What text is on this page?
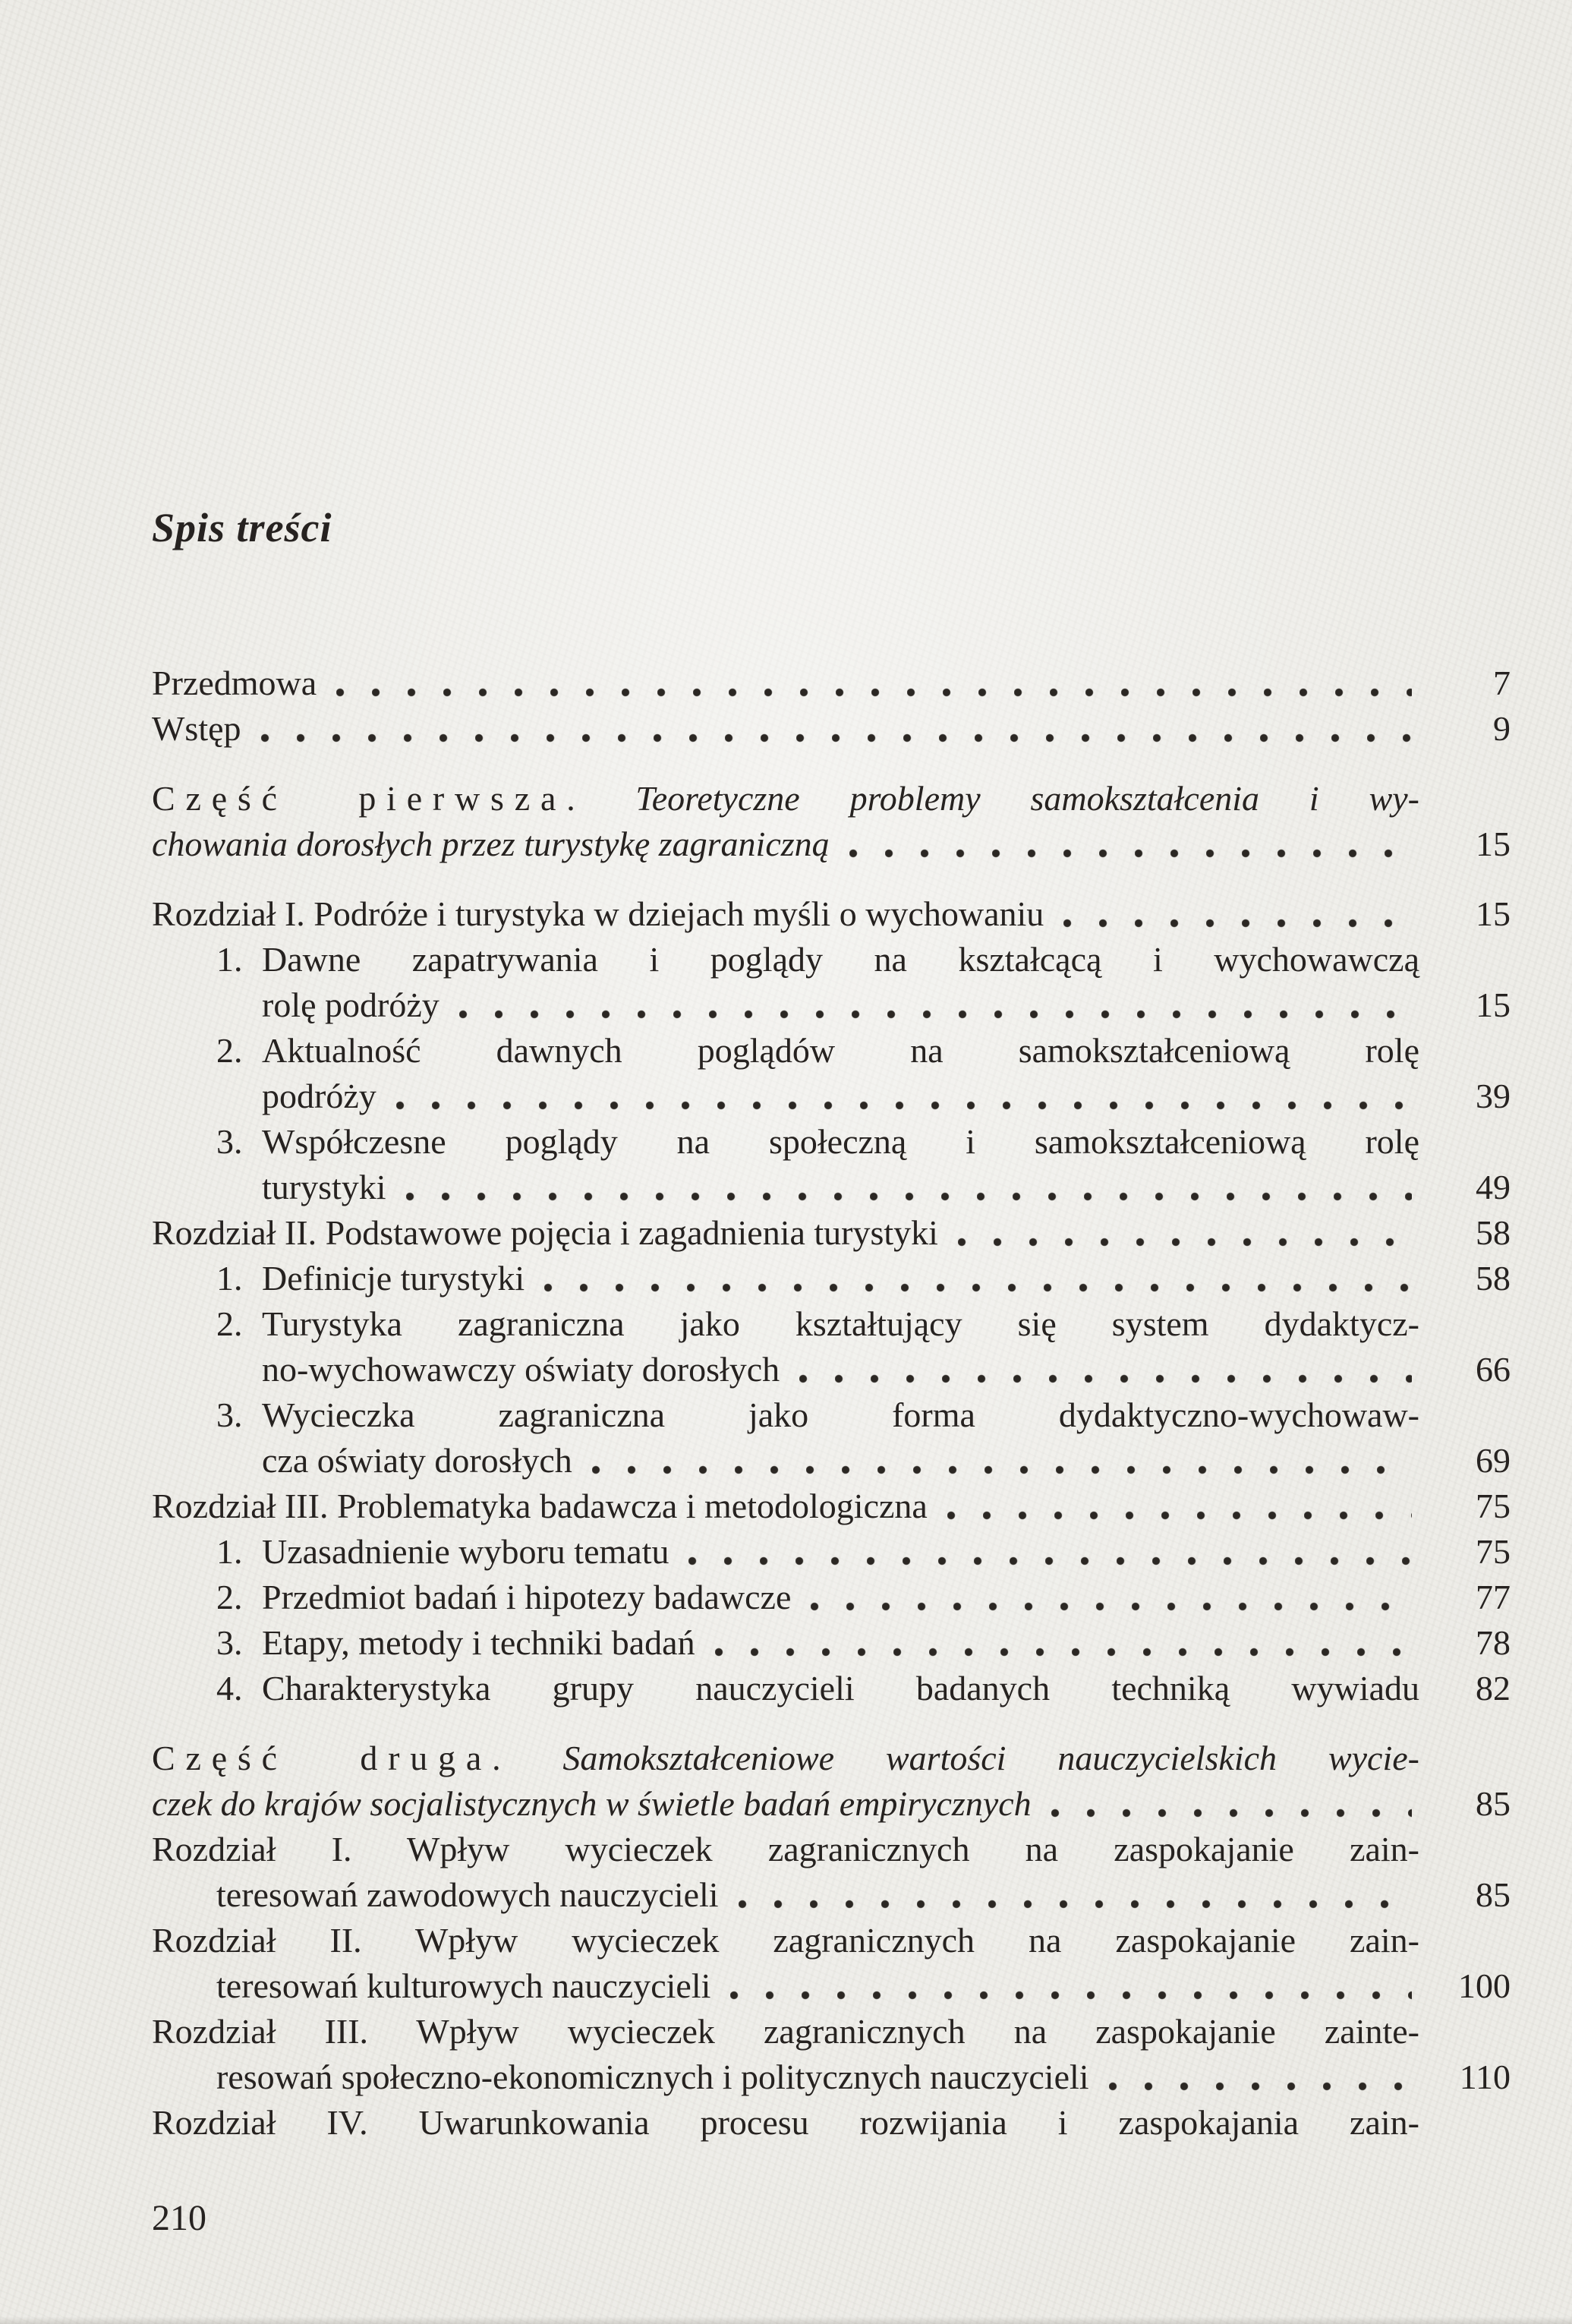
Spis treści
Przedmowa	7
Wstęp	9
Część pierwsza. Teoretyczne problemy samokształcenia i wy-
chowania dorosłych przez turystykę zagraniczną	15
Rozdział I. Podróże i turystyka w dziejach myśli o wychowaniu	15
1. Dawne zapatrywania i poglądy na kształcącą i wychowawczą
rolę podróży	15
2. Aktualność dawnych poglądów na samokształceniową rolę
podróży	39
3. Współczesne poglądy na społeczną i samokształceniową rolę
turystyki	49
Rozdział II. Podstawowe pojęcia i zagadnienia turystyki	58
1. Definicje turystyki	58
2. Turystyka zagraniczna jako kształtujący się system dydaktycz-
no-wychowawczy oświaty dorosłych	66
3. Wycieczka zagraniczna jako forma dydaktyczno-wychowaw-
cza oświaty dorosłych	69
Rozdział III. Problematyka badawcza i metodologiczna	75
1. Uzasadnienie wyboru tematu	75
2. Przedmiot badań i hipotezy badawcze	77
3. Etapy, metody i techniki badań	78
4. Charakterystyka grupy nauczycieli badanych techniką wywiadu	82
Część druga. Samokształceniowe wartości nauczycielskich wycie-
czek do krajów socjalistycznych w świetle badań empirycznych	85
Rozdział I. Wpływ wycieczek zagranicznych na zaspokajanie zain-
teresowań zawodowych nauczycieli	85
Rozdział II. Wpływ wycieczek zagranicznych na zaspokajanie zain-
teresowań kulturowych nauczycieli	100
Rozdział III. Wpływ wycieczek zagranicznych na zaspokajanie zainte-
resowań społeczno-ekonomicznych i politycznych nauczycieli	110
Rozdział IV. Uwarunkowania procesu rozwijania i zaspokajania zain-
210
